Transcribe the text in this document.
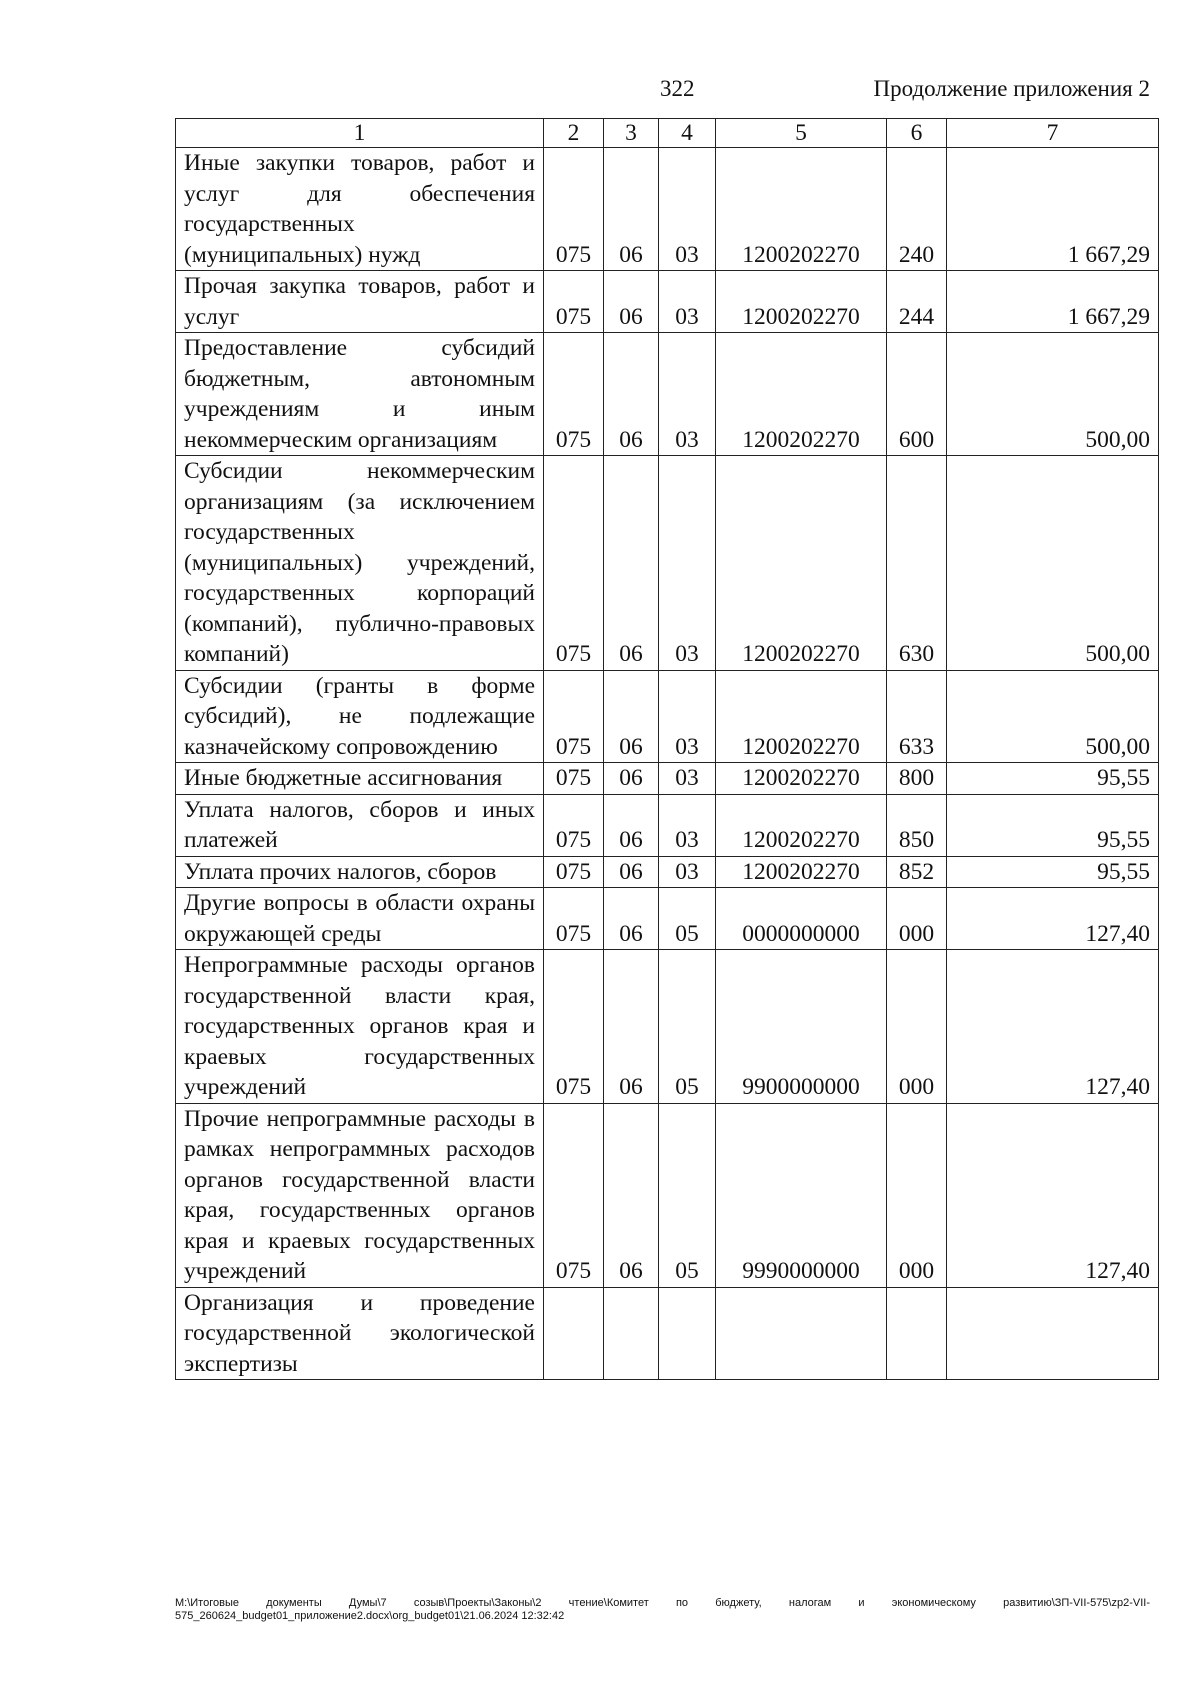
322	Продолжение приложения 2
1	2	3	4	5	6	7
Иные закупки товаров, работ и услуг для обеспечения государственных (муниципальных) нужд	075	06	03	1200202270	240	1 667,29
Прочая закупка товаров, работ и услуг	075	06	03	1200202270	244	1 667,29
Предоставление субсидий бюджетным, автономным учреждениям и иным некоммерческим организациям	075	06	03	1200202270	600	500,00
Субсидии некоммерческим организациям (за исключением государственных (муниципальных) учреждений, государственных корпораций (компаний), публично-правовых компаний)	075	06	03	1200202270	630	500,00
Субсидии (гранты в форме субсидий), не подлежащие казначейскому сопровождению	075	06	03	1200202270	633	500,00
Иные бюджетные ассигнования	075	06	03	1200202270	800	95,55
Уплата налогов, сборов и иных платежей	075	06	03	1200202270	850	95,55
Уплата прочих налогов, сборов	075	06	03	1200202270	852	95,55
Другие вопросы в области охраны окружающей среды	075	06	05	0000000000	000	127,40
Непрограммные расходы органов государственной власти края, государственных органов края и краевых государственных учреждений	075	06	05	9900000000	000	127,40
Прочие непрограммные расходы в рамках непрограммных расходов органов государственной власти края, государственных органов края и краевых государственных учреждений	075	06	05	9990000000	000	127,40
Организация и проведение государственной экологической экспертизы						
М:\Итоговые документы Думы\7 созыв\Проекты\Законы\2 чтение\Комитет по бюджету, налогам и экономическому развитию\ЗП-VII-575\zp2-VII-575_260624_budget01_приложение2.docx\org_budget01\21.06.2024 12:32:42
